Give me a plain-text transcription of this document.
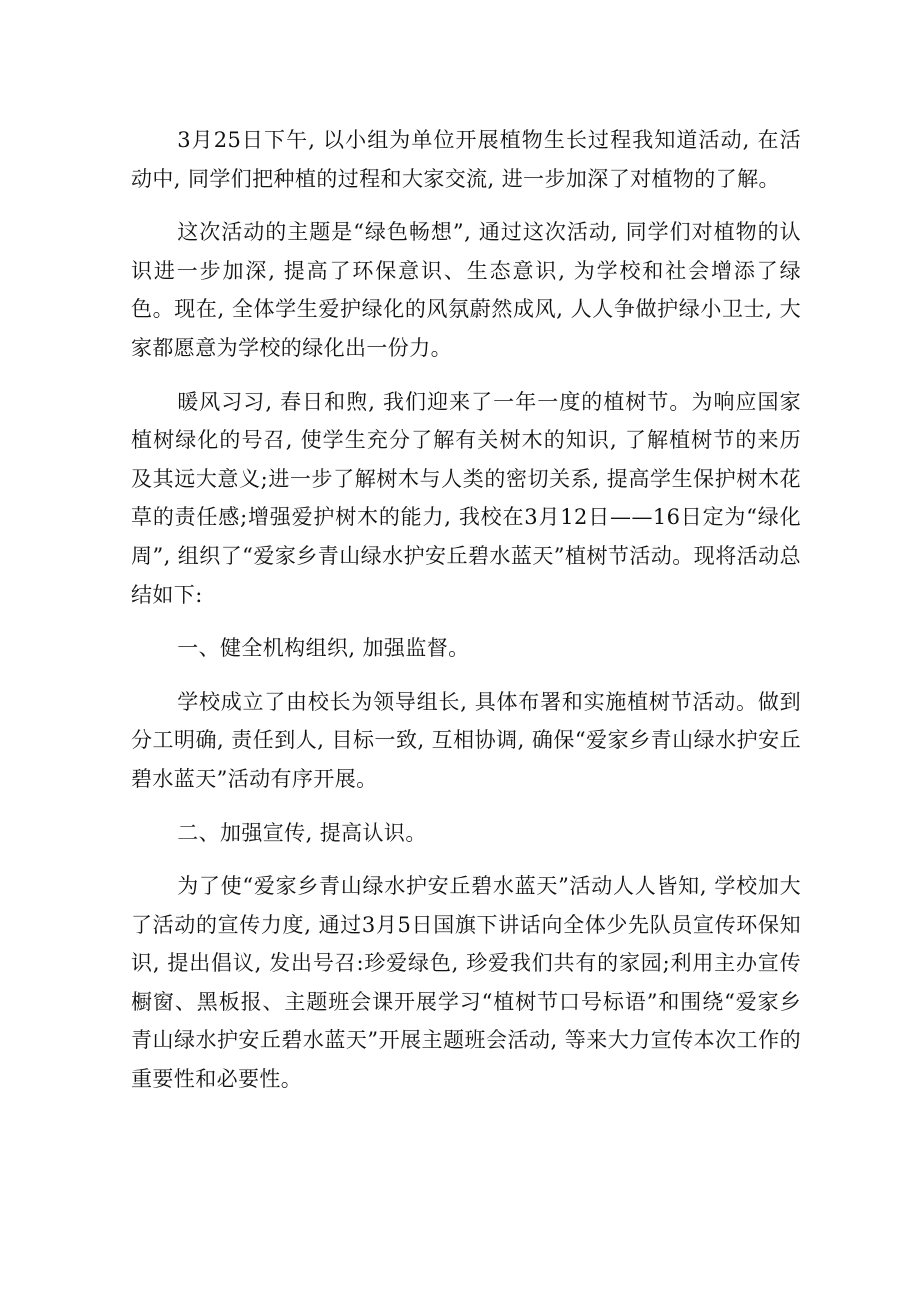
3月25日下午, 以小组为单位开展植物生长过程我知道活动, 在活动中, 同学们把种植的过程和大家交流, 进一步加深了对植物的了解。

这次活动的主题是“绿色畅想”, 通过这次活动, 同学们对植物的认识进一步加深, 提高了环保意识、生态意识, 为学校和社会增添了绿色。现在, 全体学生爱护绿化的风氛蔚然成风, 人人争做护绿小卫士, 大家都愿意为学校的绿化出一份力。

暖风习习, 春日和煦, 我们迎来了一年一度的植树节。为响应国家植树绿化的号召, 使学生充分了解有关树木的知识, 了解植树节的来历及其远大意义;进一步了解树木与人类的密切关系, 提高学生保护树木花草的责任感;增强爱护树木的能力, 我校在3月12日——16日定为“绿化周”, 组织了“爱家乡青山绿水护安丘碧水蓝天”植树节活动。现将活动总结如下:

一、健全机构组织, 加强监督。

学校成立了由校长为领导组长, 具体布署和实施植树节活动。做到分工明确, 责任到人, 目标一致, 互相协调, 确保“爱家乡青山绿水护安丘碧水蓝天”活动有序开展。

二、加强宣传, 提高认识。

为了使“爱家乡青山绿水护安丘碧水蓝天”活动人人皆知, 学校加大了活动的宣传力度, 通过3月5日国旗下讲话向全体少先队员宣传环保知识, 提出倡议, 发出号召:珍爱绿色, 珍爱我们共有的家园;利用主办宣传橱窗、黑板报、主题班会课开展学习“植树节口号标语”和围绕“爱家乡青山绿水护安丘碧水蓝天”开展主题班会活动, 等来大力宣传本次工作的重要性和必要性。
